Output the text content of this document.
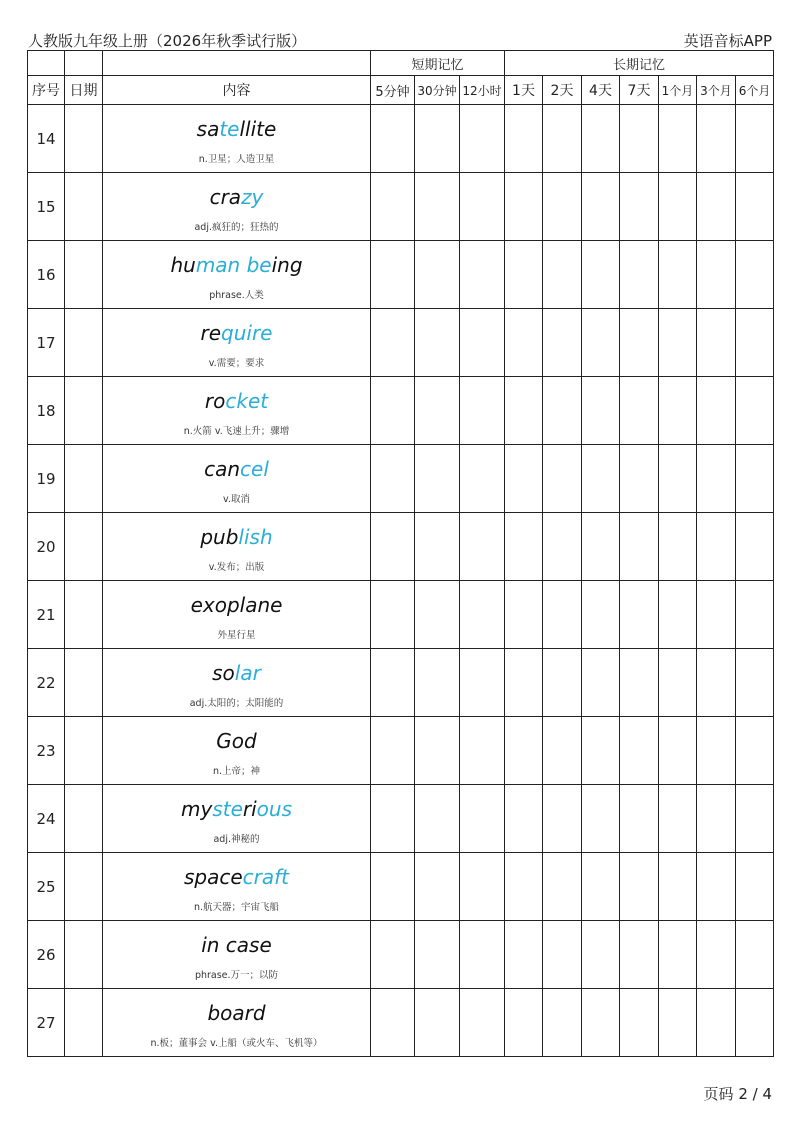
人教版九年级上册（2026年秋季试行版）	英语音标APP
			短期记忆			长期记忆						
序号	日期	内容	5分钟	30分钟	12小时	1天	2天	4天	7天	1个月	3个月	6个月
14		satellite
n.卫星；人造卫星										

15		crazy
adj.疯狂的；狂热的										

16		human being
phrase.人类										

17		require
v.需要；要求										

18		rocket
n.火箭 v.飞速上升；骤增										

19		cancel
v.取消										

20		publish
v.发布；出版										

21		exoplane
外星行星										

22		solar
adj.太阳的；太阳能的										

23		God
n.上帝；神										

24		mysterious
adj.神秘的										

25		spacecraft
n.航天器；宇宙飞船										

26		in case
phrase.万一；以防										

27		board
n.板；董事会 v.上船（或火车、飞机等）										

页码 2 / 4
